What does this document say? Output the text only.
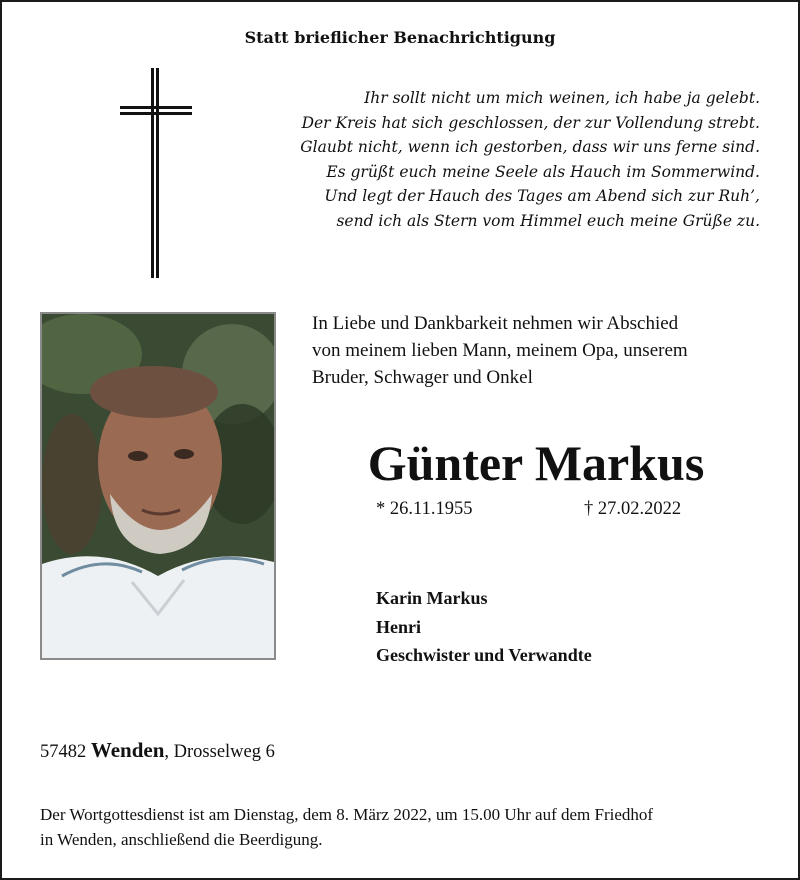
Statt brieflicher Benachrichtigung
Ihr sollt nicht um mich weinen, ich habe ja gelebt.
Der Kreis hat sich geschlossen, der zur Vollendung strebt.
Glaubt nicht, wenn ich gestorben, dass wir uns ferne sind.
Es grüßt euch meine Seele als Hauch im Sommerwind.
Und legt der Hauch des Tages am Abend sich zur Ruh’,
send ich als Stern vom Himmel euch meine Grüße zu.
In Liebe und Dankbarkeit nehmen wir Abschied
von meinem lieben Mann, meinem Opa, unserem
Bruder, Schwager und Onkel
Günter Markus
* 26.11.1955	† 27.02.2022
Karin Markus
Henri
Geschwister und Verwandte
57482 Wenden, Drosselweg 6
Der Wortgottesdienst ist am Dienstag, dem 8. März 2022, um 15.00 Uhr auf dem Friedhof
in Wenden, anschließend die Beerdigung.
